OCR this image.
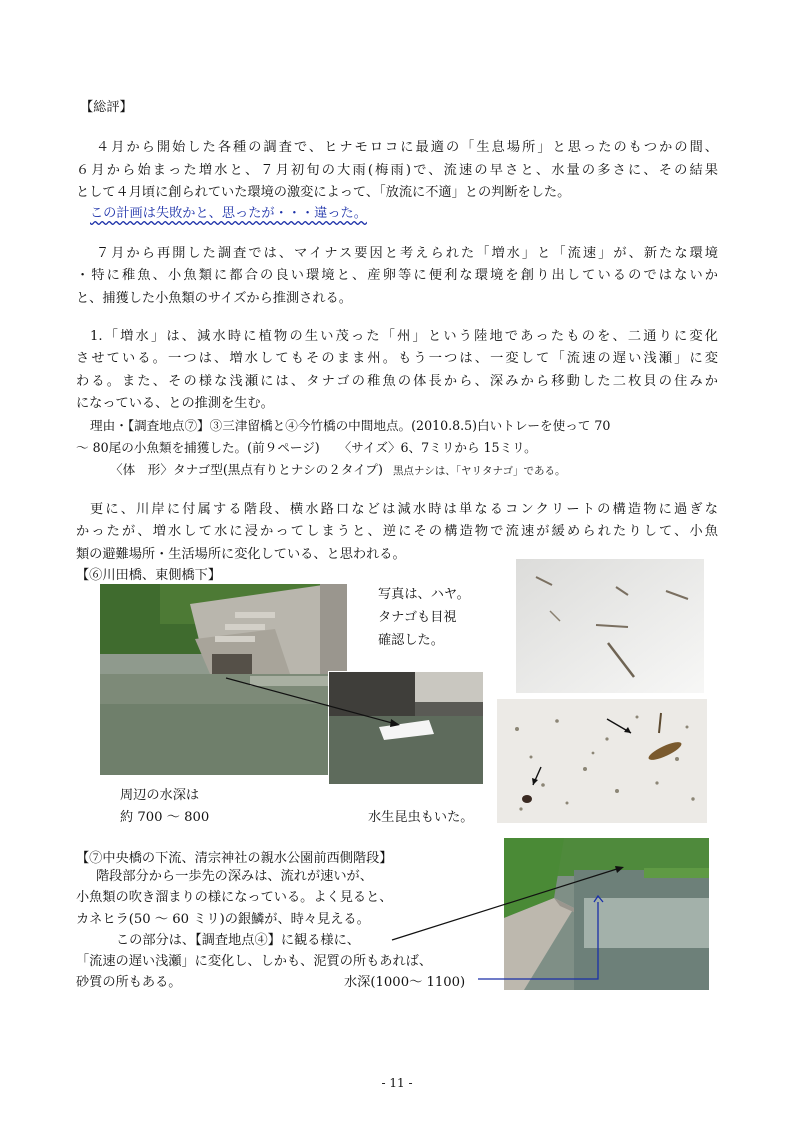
【総評】
４月から開始した各種の調査で、ヒナモロコに最適の「生息場所」と思ったのもつかの間、
６月から始まった増水と、７月初旬の大雨(梅雨)で、流速の早さと、水量の多さに、その結果
として４月頃に創られていた環境の激変によって、「放流に不適」との判断をした。
この計画は失敗かと、思ったが・・・違った。
７月から再開した調査では、マイナス要因と考えられた「増水」と「流速」が、新たな環境
・特に稚魚、小魚類に都合の良い環境と、産卵等に便利な環境を創り出しているのではないか
と、捕獲した小魚類のサイズから推測される。
1.「増水」は、減水時に植物の生い茂った「州」という陸地であったものを、二通りに変化
させている。一つは、増水してもそのまま州。もう一つは、一変して「流速の遅い浅瀬」に変
わる。また、その様な浅瀬には、タナゴの稚魚の体長から、深みから移動した二枚貝の住みか
になっている、との推測を生む。
理由・【調査地点⑦】③三津留橋と④今竹橋の中間地点。(2010.8.5)白いトレーを使って 70
～ 80尾の小魚類を捕獲した。(前９ページ)　　〈サイズ〉6、7ミリから 15ミリ。
〈体　形〉タナゴ型(黒点有りとナシの２タイプ) 黒点ナシは、「ヤリタナゴ」である。
更に、川岸に付属する階段、横水路口などは減水時は単なるコンクリートの構造物に過ぎな
かったが、増水して水に浸かってしまうと、逆にその構造物で流速が緩められたりして、小魚
類の避難場所・生活場所に変化している、と思われる。
【⑥川田橋、東側橋下】
写真は、ハヤ。
タナゴも目視
確認した。
周辺の水深は
約 700 ～ 800	水生昆虫もいた。
【⑦中央橋の下流、清宗神社の親水公園前西側階段】
階段部分から一歩先の深みは、流れが速いが、
小魚類の吹き溜まりの様になっている。よく見ると、
カネヒラ(50 ～ 60 ミリ)の銀鱗が、時々見える。
この部分は、【調査地点④】に観る様に、
「流速の遅い浅瀬」に変化し、しかも、泥質の所もあれば、
砂質の所もある。	水深(1000～ 1100)
- 11 -
